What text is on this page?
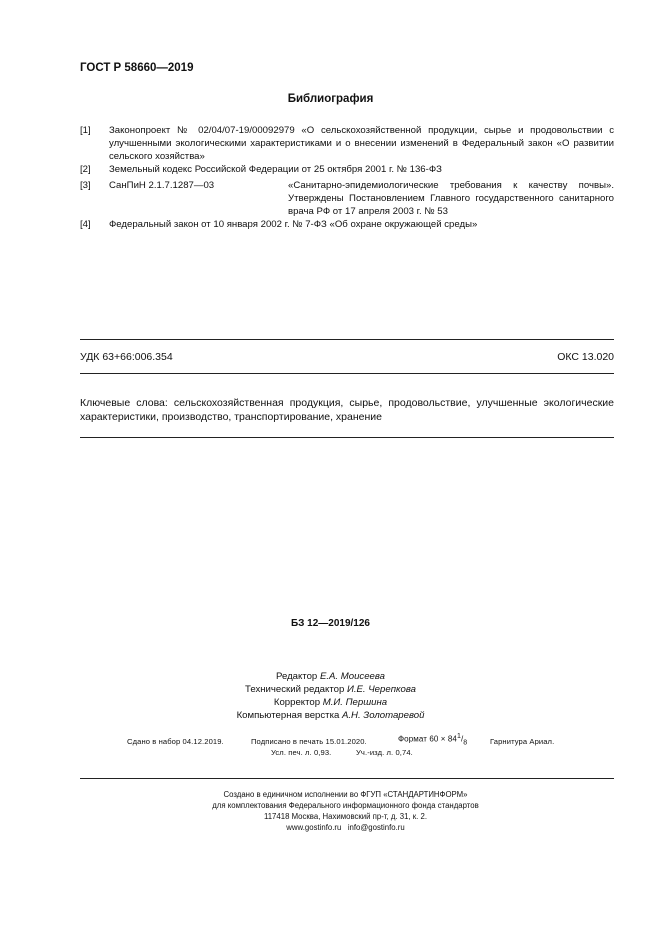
ГОСТ Р 58660—2019
Библиография
[1] Законопроект № 02/04/07-19/00092979 «О сельскохозяйственной продукции, сырье и продовольствии с улучшенными экологическими характеристиками и о внесении изменений в Федеральный закон «О развитии сельского хозяйства»
[2] Земельный кодекс Российской Федерации от 25 октября 2001 г. № 136-ФЗ
[3] СанПиН 2.1.7.1287—03	«Санитарно-эпидемиологические требования к качеству почвы». Утверждены Постановлением Главного государственного санитарного врача РФ от 17 апреля 2003 г. № 53
[4] Федеральный закон от 10 января 2002 г. № 7-ФЗ «Об охране окружающей среды»
УДК 63+66:006.354	ОКС 13.020
Ключевые слова: сельскохозяйственная продукция, сырье, продовольствие, улучшенные экологические характеристики, производство, транспортирование, хранение
БЗ 12—2019/126
Редактор Е.А. Моисеева
Технический редактор И.Е. Черепкова
Корректор М.И. Першина
Компьютерная верстка А.Н. Золотаревой
Сдано в набор 04.12.2019.	Подписано в печать 15.01.2020.	Формат $60 \times 84^1/_8$	Гарнитура Ариал.
Усл. печ. л. 0,93.	Уч.-изд. л. 0,74.
Создано в единичном исполнении во ФГУП «СТАНДАРТИНФОРМ»
для комплектования Федерального информационного фонда стандартов
117418 Москва, Нахимовский пр-т, д. 31, к. 2.
www.gostinfo.ru info@gostinfo.ru
